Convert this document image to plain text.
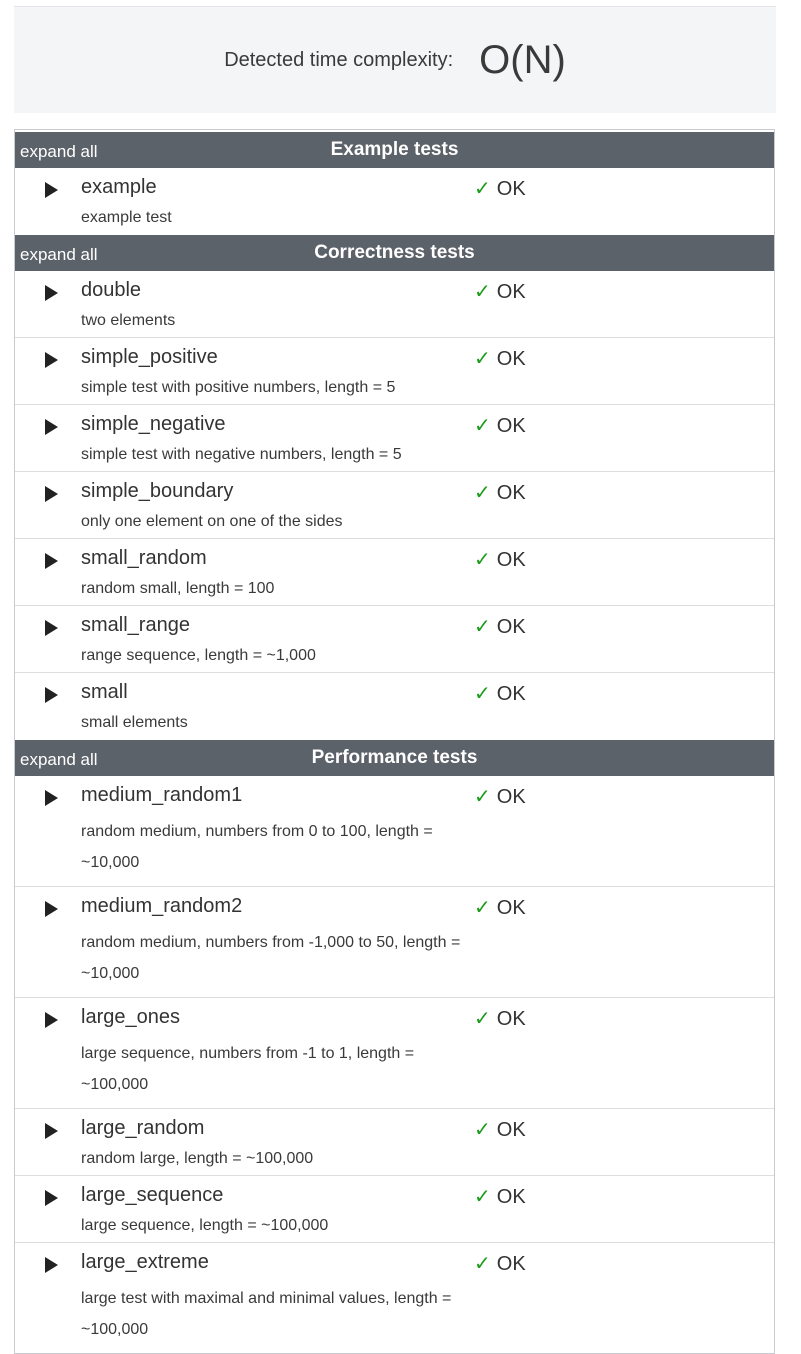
Detected time complexity: O(N)
expand all	Example tests
example	✓ OK
example test
expand all	Correctness tests
double	✓ OK
two elements
simple_positive	✓ OK
simple test with positive numbers, length = 5
simple_negative	✓ OK
simple test with negative numbers, length = 5
simple_boundary	✓ OK
only one element on one of the sides
small_random	✓ OK
random small, length = 100
small_range	✓ OK
range sequence, length = ~1,000
small	✓ OK
small elements
expand all	Performance tests
medium_random1	✓ OK
random medium, numbers from 0 to 100, length = ~10,000
medium_random2	✓ OK
random medium, numbers from -1,000 to 50, length = ~10,000
large_ones	✓ OK
large sequence, numbers from -1 to 1, length = ~100,000
large_random	✓ OK
random large, length = ~100,000
large_sequence	✓ OK
large sequence, length = ~100,000
large_extreme	✓ OK
large test with maximal and minimal values, length = ~100,000
